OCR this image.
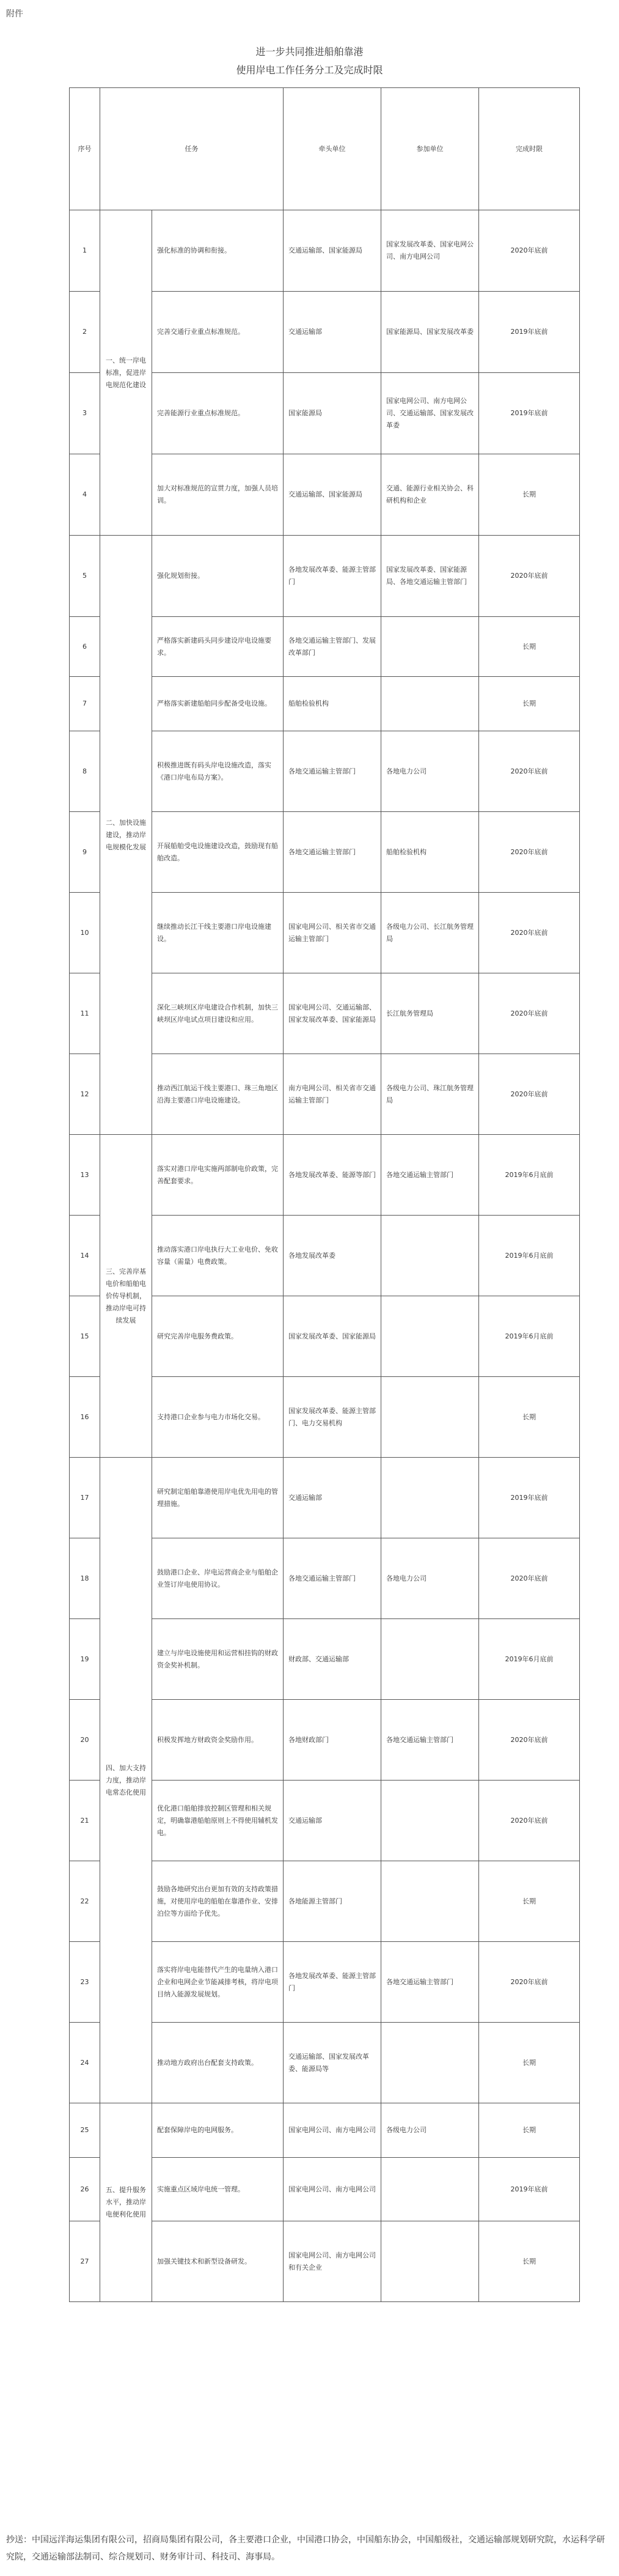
附件
进一步共同推进船舶靠港
使用岸电工作任务分工及完成时限
序号	任务		牵头单位	参加单位	完成时限
1	一、统一岸电标准，促进岸电规范化建设	强化标准的协调和衔接。	交通运输部、国家能源局	国家发展改革委、国家电网公司、南方电网公司	2020年底前
2		完善交通行业重点标准规范。	交通运输部	国家能源局、国家发展改革委	2019年底前
3		完善能源行业重点标准规范。	国家能源局	国家电网公司、南方电网公司、交通运输部、国家发展改革委	2019年底前
4		加大对标准规范的宣贯力度，加强人员培训。	交通运输部、国家能源局	交通、能源行业相关协会、科研机构和企业	长期
5	二、加快设施建设，推动岸电规模化发展	强化规划衔接。	各地发展改革委、能源主管部门	国家发展改革委、国家能源局、各地交通运输主管部门	2020年底前
6		严格落实新建码头同步建设岸电设施要求。	各地交通运输主管部门、发展改革部门		长期
7		严格落实新建船舶同步配备受电设施。	船舶检验机构		长期
8		积极推进既有码头岸电设施改造，落实《港口岸电布局方案》。	各地交通运输主管部门	各地电力公司	2020年底前
9		开展船舶受电设施建设改造，鼓励现有船舶改造。	各地交通运输主管部门	船舶检验机构	2020年底前
10		继续推动长江干线主要港口岸电设施建设。	国家电网公司、相关省市交通运输主管部门	各级电力公司、长江航务管理局	2020年底前
11		深化三峡坝区岸电建设合作机制，加快三峡坝区岸电试点项目建设和应用。	国家电网公司、交通运输部、国家发展改革委、国家能源局	长江航务管理局	2020年底前
12		推动西江航运干线主要港口、珠三角地区沿海主要港口岸电设施建设。	南方电网公司、相关省市交通运输主管部门	各级电力公司、珠江航务管理局	2020年底前
13	三、完善岸基电价和船舶电价传导机制，推动岸电可持续发展	落实对港口岸电实施两部制电价政策，完善配套要求。	各地发展改革委、能源等部门	各地交通运输主管部门	2019年6月底前
14		推动落实港口岸电执行大工业电价、免收容量（需量）电费政策。	各地发展改革委		2019年6月底前
15		研究完善岸电服务费政策。	国家发展改革委、国家能源局		2019年6月底前
16		支持港口企业参与电力市场化交易。	国家发展改革委、能源主管部门、电力交易机构		长期
17	四、加大支持力度，推动岸电常态化使用	研究制定船舶靠港使用岸电优先用电的管理措施。	交通运输部		2019年底前
18		鼓励港口企业、岸电运营商企业与船舶企业签订岸电使用协议。	各地交通运输主管部门	各地电力公司	2020年底前
19		建立与岸电设施使用和运营相挂钩的财政资金奖补机制。	财政部、交通运输部		2019年6月底前
20		积极发挥地方财政资金奖励作用。	各地财政部门	各地交通运输主管部门	2020年底前
21		优化港口船舶排放控制区管理和相关规定，明确靠港船舶原则上不得使用辅机发电。	交通运输部		2020年底前
22		鼓励各地研究出台更加有效的支持政策措施，对使用岸电的船舶在靠港作业、安排泊位等方面给予优先。	各地能源主管部门		长期
23		落实将岸电电能替代产生的电量纳入港口企业和电网企业节能减排考核，将岸电项目纳入能源发展规划。	各地发展改革委、能源主管部门	各地交通运输主管部门	2020年底前
24		推动地方政府出台配套支持政策。	交通运输部、国家发展改革委、能源局等		长期
25	五、提升服务水平，推动岸电便利化使用	配套保障岸电的电网服务。	国家电网公司、南方电网公司	各级电力公司	长期
26		实施重点区域岸电统一管理。	国家电网公司、南方电网公司		2019年底前
27		加强关键技术和新型设备研发。	国家电网公司、南方电网公司和有关企业		长期
抄送：中国远洋海运集团有限公司，招商局集团有限公司，各主要港口企业，中国港口协会，中国船东协会，中国船级社，交通运输部规划研究院，水运科学研究院，交通运输部法制司、综合规划司、财务审计司、科技司、海事局。
